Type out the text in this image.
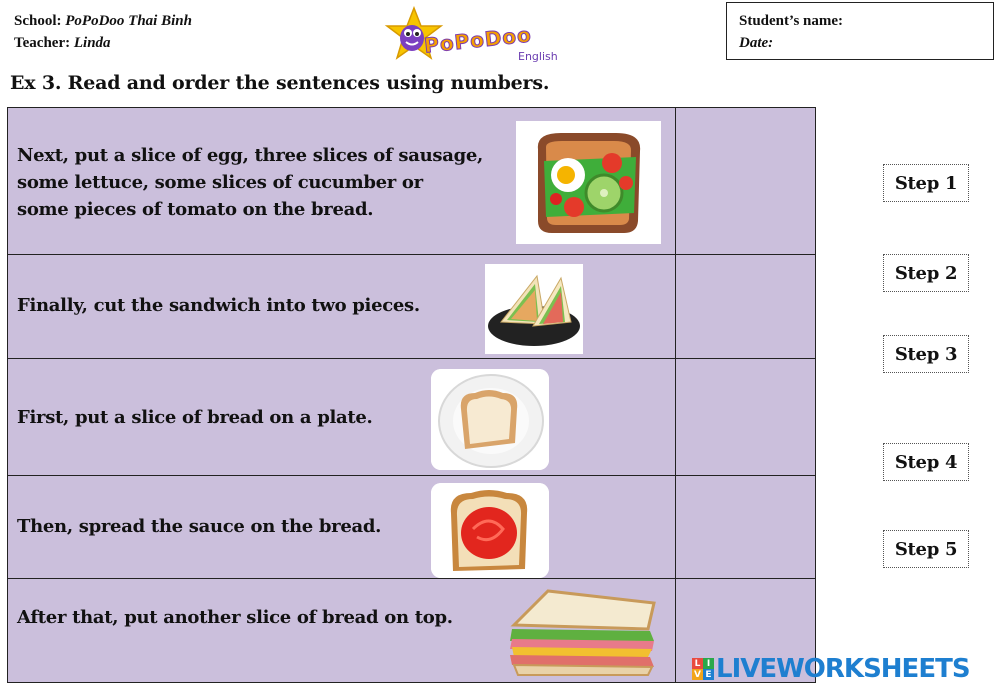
School: PoPoDoo Thai Binh
Teacher: Linda	PoPoDoo
English
Student’s name:
Date:
Ex 3. Read and order the sentences using numbers.
Next, put a slice of egg, three slices of sausage,
some lettuce, some slices of cucumber or
some pieces of tomato on the bread.
Finally, cut the sandwich into two pieces.
First, put a slice of bread on a plate.
Then, spread the sauce on the bread.
After that, put another slice of bread on top.
Step 1
Step 2
Step 3
Step 4
Step 5
L I
V E LIVEWORKSHEETS
